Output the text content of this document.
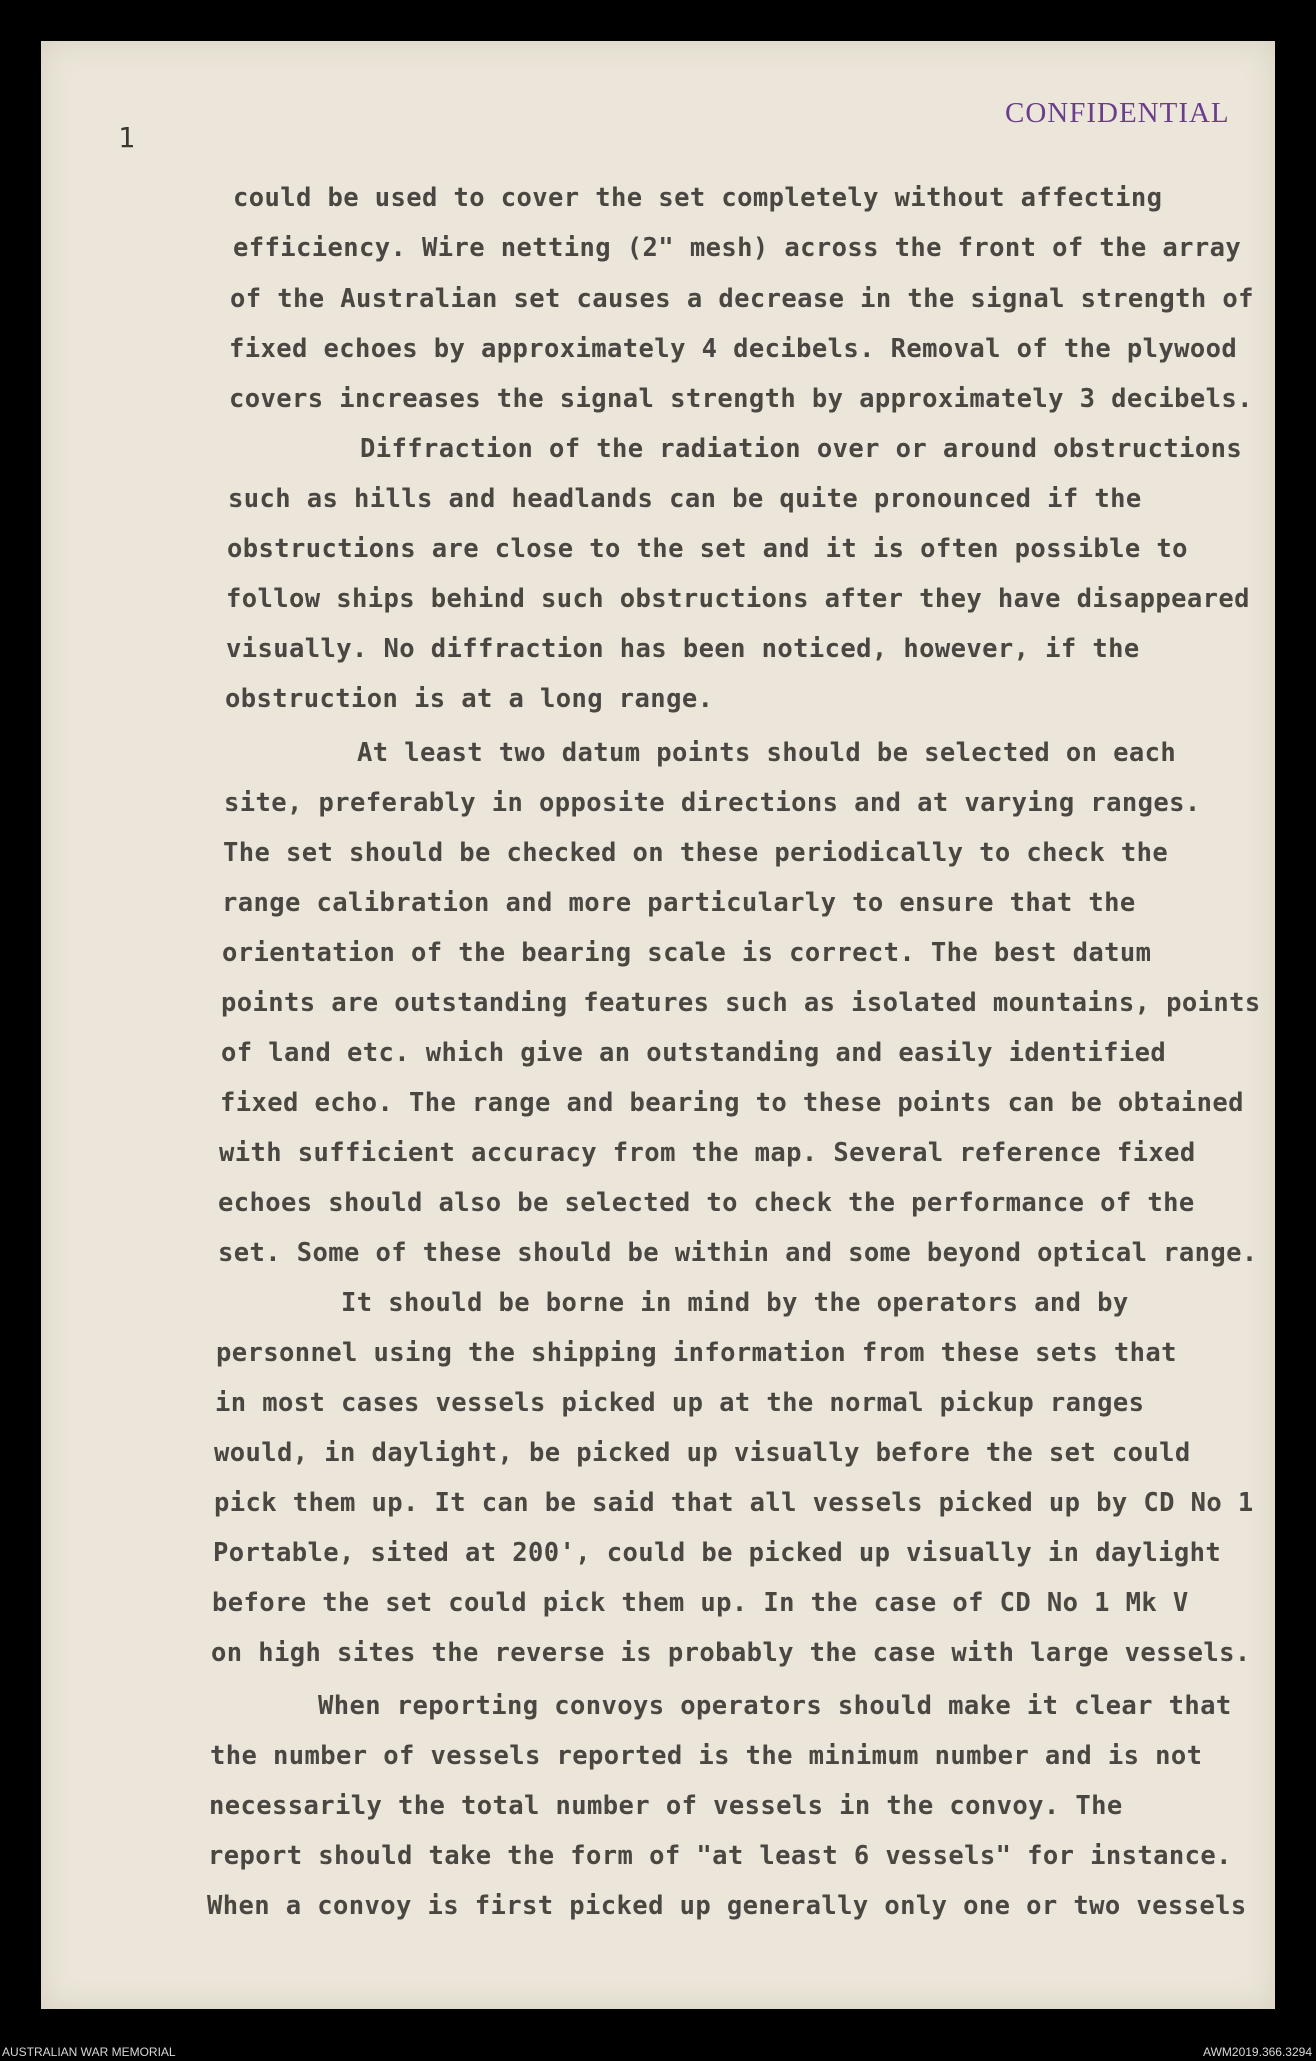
CONFIDENTIAL
1
could be used to cover the set completely without affecting
efficiency. Wire netting (2" mesh) across the front of the array
of the Australian set causes a decrease in the signal strength of
fixed echoes by approximately 4 decibels. Removal of the plywood
covers increases the signal strength by approximately 3 decibels.
Diffraction of the radiation over or around obstructions
such as hills and headlands can be quite pronounced if the
obstructions are close to the set and it is often possible to
follow ships behind such obstructions after they have disappeared
visually. No diffraction has been noticed, however, if the
obstruction is at a long range.
At least two datum points should be selected on each
site, preferably in opposite directions and at varying ranges.
The set should be checked on these periodically to check the
range calibration and more particularly to ensure that the
orientation of the bearing scale is correct. The best datum
points are outstanding features such as isolated mountains, points
of land etc. which give an outstanding and easily identified
fixed echo. The range and bearing to these points can be obtained
with sufficient accuracy from the map. Several reference fixed
echoes should also be selected to check the performance of the
set. Some of these should be within and some beyond optical range.
It should be borne in mind by the operators and by
personnel using the shipping information from these sets that
in most cases vessels picked up at the normal pickup ranges
would, in daylight, be picked up visually before the set could
pick them up. It can be said that all vessels picked up by CD No 1
Portable, sited at 200', could be picked up visually in daylight
before the set could pick them up. In the case of CD No 1 Mk V
on high sites the reverse is probably the case with large vessels.
When reporting convoys operators should make it clear that
the number of vessels reported is the minimum number and is not
necessarily the total number of vessels in the convoy. The
report should take the form of "at least 6 vessels" for instance.
When a convoy is first picked up generally only one or two vessels
AUSTRALIAN WAR MEMORIAL	AWM2019.366.3294
